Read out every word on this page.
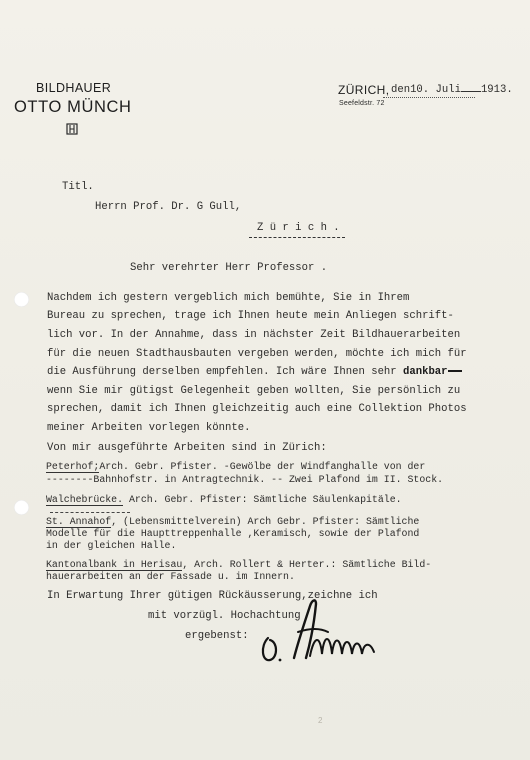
BILDHAUER
OTTO MÜNCH
ZÜRICH, den10. Juli 1913.
Seefeldstr. 72
Titl.
Herrn Prof. Dr. G Gull,
Z ü r i c h .
Sehr verehrter Herr Professor .
Nachdem ich gestern vergeblich mich bemühte, Sie in Ihrem
Bureau zu sprechen, trage ich Ihnen heute mein Anliegen schrift-
lich vor. In der Annahme, dass in nächster Zeit Bildhauerarbeiten
für die neuen Stadthausbauten vergeben werden, möchte ich mich für
die Ausführung derselben empfehlen. Ich wäre Ihnen sehr dankbar
wenn Sie mir gütigst Gelegenheit geben wollten, Sie persönlich zu
sprechen, damit ich Ihnen gleichzeitig auch eine Collektion Photos
meiner Arbeiten vorlegen könnte.
Von mir ausgeführte Arbeiten sind in Zürich:
Peterhof;Arch. Gebr. Pfister. -Gewölbe der Windfanghalle von der
--------Bahnhofstr. in Antragtechnik. -- Zwei Plafond im II. Stock.
Walchebrücke. Arch. Gebr. Pfister: Sämtliche Säulenkapitäle.
St. Annahof, (Lebensmittelverein) Arch Gebr. Pfister: Sämtliche
Modelle für die Haupttreppenhalle ,Keramisch, sowie der Plafond
in der gleichen Halle.
Kantonalbank in Herisau, Arch. Rollert & Herter.: Sämtliche Bild-
hauerarbeiten an der Fassade u. im Innern.
In Erwartung Ihrer gütigen Rückäusserung,zeichne ich
mit vorzügl. Hochachtung
ergebenst:
2
